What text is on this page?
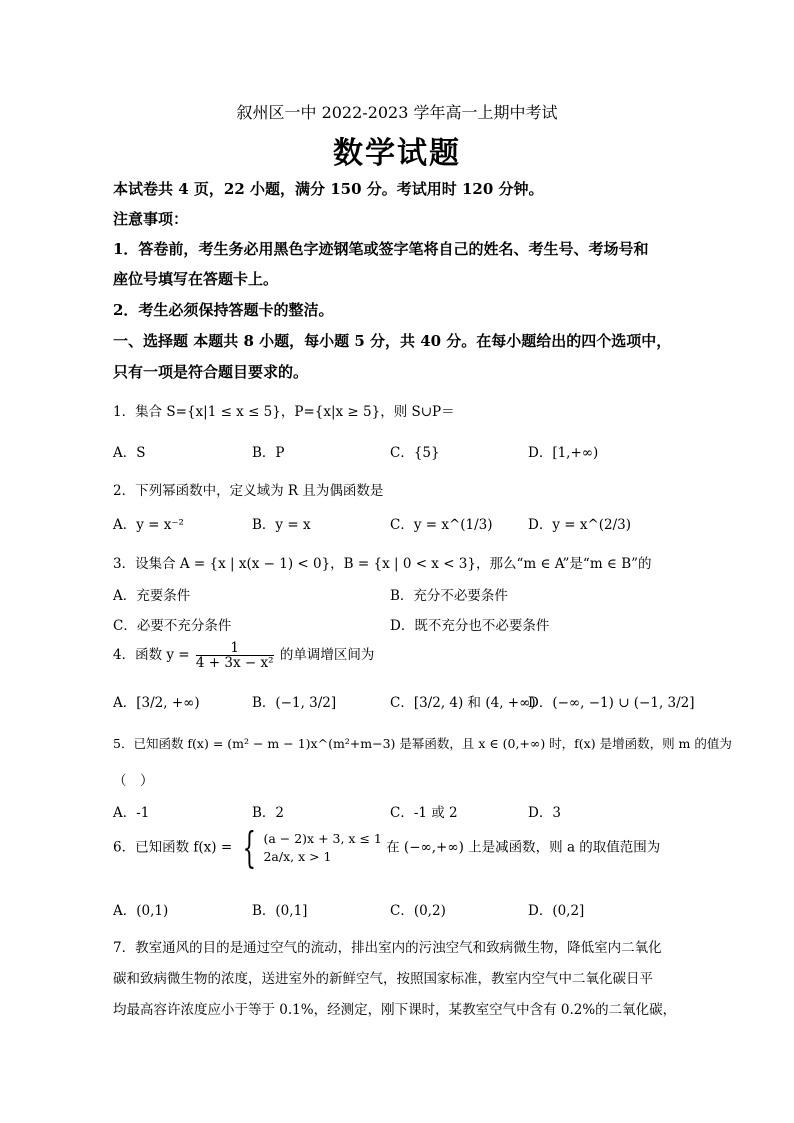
叙州区一中 2022-2023 学年高一上期中考试
数学试题
本试卷共 4 页，22 小题，满分 150 分。考试用时 120 分钟。
注意事项：
1．答卷前，考生务必用黑色字迹钢笔或签字笔将自己的姓名、考生号、考场号和
座位号填写在答题卡上。
2．考生必须保持答题卡的整洁。
一、选择题 本题共 8 小题，每小题 5 分，共 40 分。在每小题给出的四个选项中，
只有一项是符合题目要求的。
1．集合 S={x|1 ≤ x ≤ 5}，P={x|x ≥ 5}，则 S∪P＝
A．S	B．P	C．{5}	D．[1,+∞)
2．下列幂函数中，定义域为 R 且为偶函数是
A．y = x⁻²	B．y = x	C．y = x^(1/3)	D．y = x^(2/3)
3．设集合 A = {x | x(x − 1) < 0}，B = {x | 0 < x < 3}，那么“m ∈ A”是“m ∈ B”的
A．充要条件	B．充分不必要条件
C．必要不充分条件	D．既不充分也不必要条件
4．函数 $y = \frac{1}{\text{4 + 3x − x²}}$ 的单调增区间为
A．[3/2, +∞)	B．(−1, 3/2]	C．[3/2, 4) 和 (4, +∞)
D．(−∞, −1) ∪ (−1, 3/2]
5．已知函数 f(x) = (m² − m − 1)x^(m²+m−3) 是幂函数，且 x ∈ (0,+∞) 时，f(x) 是增函数，则 m 的值为
（　）
A．-1	B．2	C．-1 或 2	D．3
6．已知函数 f(x) = { (a − 2)x + 3, x ≤ 1
2a/x, x > 1
在 (−∞,+∞) 上是减函数，则 a 的取值范围为
A．(0,1)	B．(0,1]	C．(0,2)	D．(0,2]
7．教室通风的目的是通过空气的流动，排出室内的污浊空气和致病微生物，降低室内二氧化
碳和致病微生物的浓度，送进室外的新鲜空气，按照国家标准，教室内空气中二氧化碳日平
均最高容许浓度应小于等于 0.1%，经测定，刚下课时，某教室空气中含有 0.2%的二氧化碳，
